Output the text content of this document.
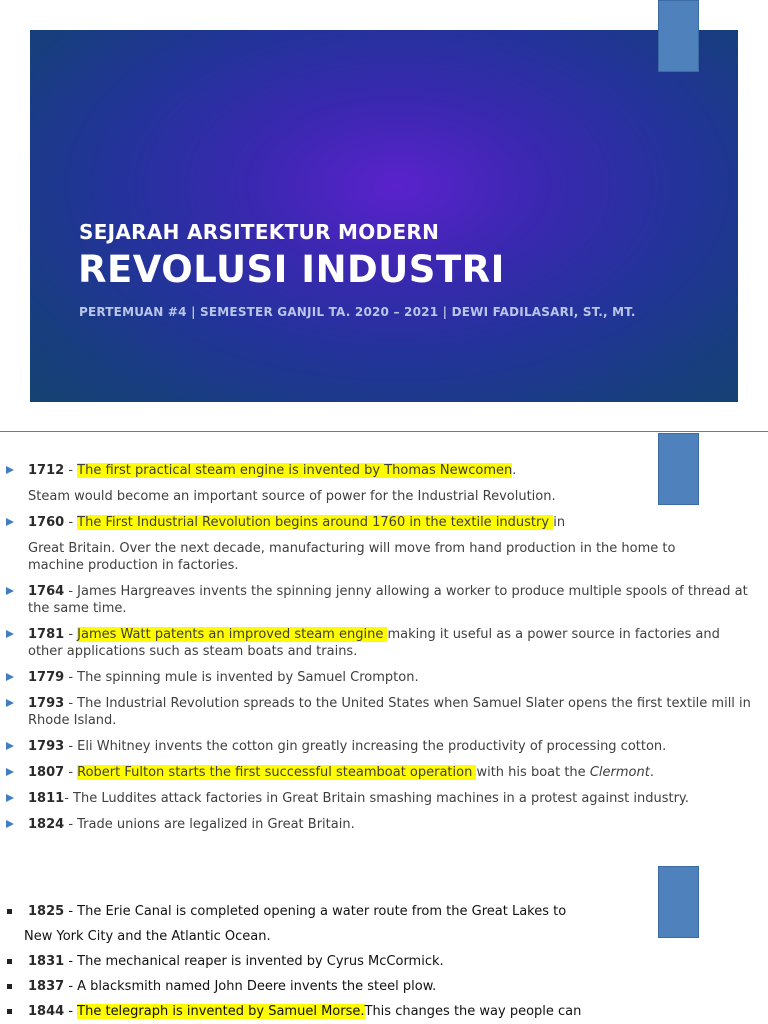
SEJARAH ARSITEKTUR MODERN
REVOLUSI INDUSTRI
PERTEMUAN #4 | SEMESTER GANJIL TA. 2020 – 2021 | DEWI FADILASARI, ST., MT.
1712 - The first practical steam engine is invented by Thomas Newcomen.
Steam would become an important source of power for the Industrial Revolution.
1760 - The First Industrial Revolution begins around 1760 in the textile industry in
Great Britain. Over the next decade, manufacturing will move from hand production in the home to machine production in factories.
1764 - James Hargreaves invents the spinning jenny allowing a worker to produce multiple spools of thread at the same time.
1781 - James Watt patents an improved steam engine making it useful as a power source in factories and other applications such as steam boats and trains.
1779 - The spinning mule is invented by Samuel Crompton.
1793 - The Industrial Revolution spreads to the United States when Samuel Slater opens the first textile mill in Rhode Island.
1793 - Eli Whitney invents the cotton gin greatly increasing the productivity of processing cotton.
1807 - Robert Fulton starts the first successful steamboat operation with his boat the Clermont.
1811- The Luddites attack factories in Great Britain smashing machines in a protest against industry.
1824 - Trade unions are legalized in Great Britain.
1825 - The Erie Canal is completed opening a water route from the Great Lakes to
New York City and the Atlantic Ocean.
1831 - The mechanical reaper is invented by Cyrus McCormick.
1837 - A blacksmith named John Deere invents the steel plow.
1844 - The telegraph is invented by Samuel Morse.This changes the way people can
